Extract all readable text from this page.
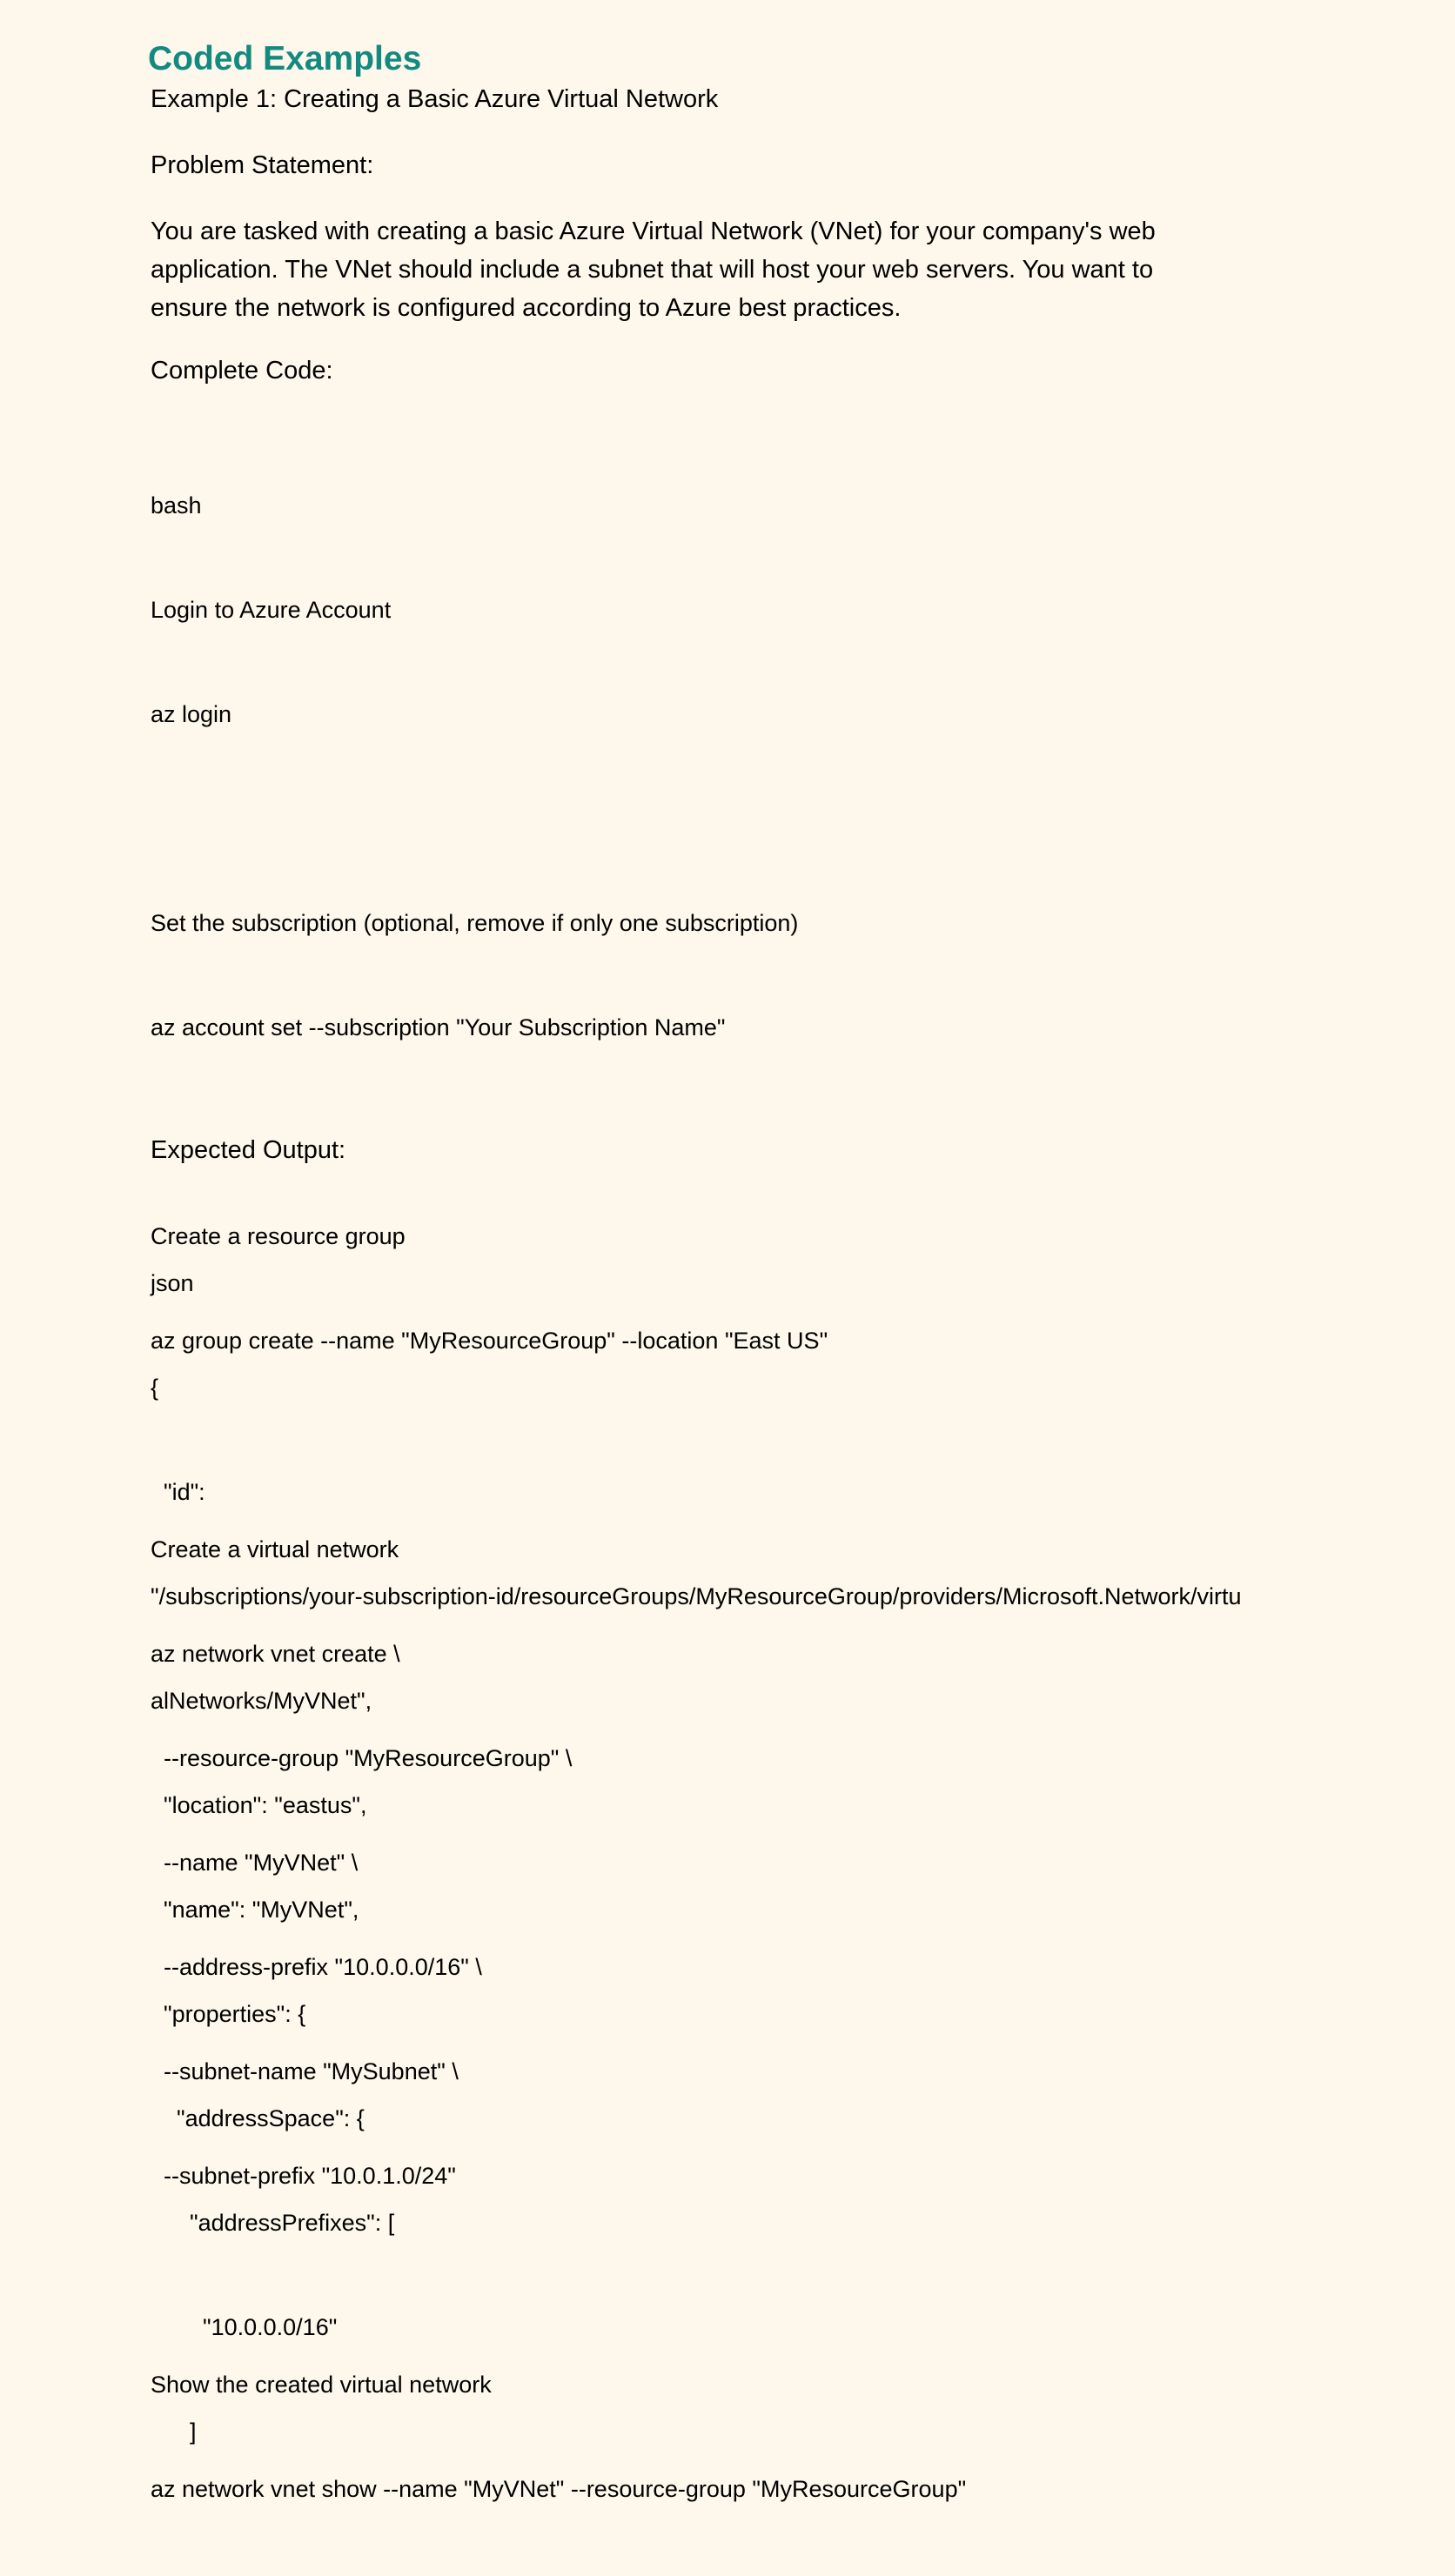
Coded Examples

Example 1: Creating a Basic Azure Virtual Network

Problem Statement:

You are tasked with creating a basic Azure Virtual Network (VNet) for your company's web
application. The VNet should include a subnet that will host your web servers. You want to
ensure the network is configured according to Azure best practices.

Complete Code:

bash

Login to Azure Account

az login

Set the subscription (optional, remove if only one subscription)

az account set --subscription "Your Subscription Name"

Create a resource group

az group create --name "MyResourceGroup" --location "East US"

Create a virtual network

az network vnet create \

--resource-group "MyResourceGroup" \

--name "MyVNet" \

--address-prefix "10.0.0.0/16" \

--subnet-name "MySubnet" \

--subnet-prefix "10.0.1.0/24"

Show the created virtual network

az network vnet show --name "MyVNet" --resource-group "MyResourceGroup"

Expected Output:

json

{

"id":

"/subscriptions/your-subscription-id/resourceGroups/MyResourceGroup/providers/Microsoft.Network/virtu

alNetworks/MyVNet",

"location": "eastus",

"name": "MyVNet",

"properties": {

"addressSpace": {

"addressPrefixes": [

"10.0.0.0/16"

]
